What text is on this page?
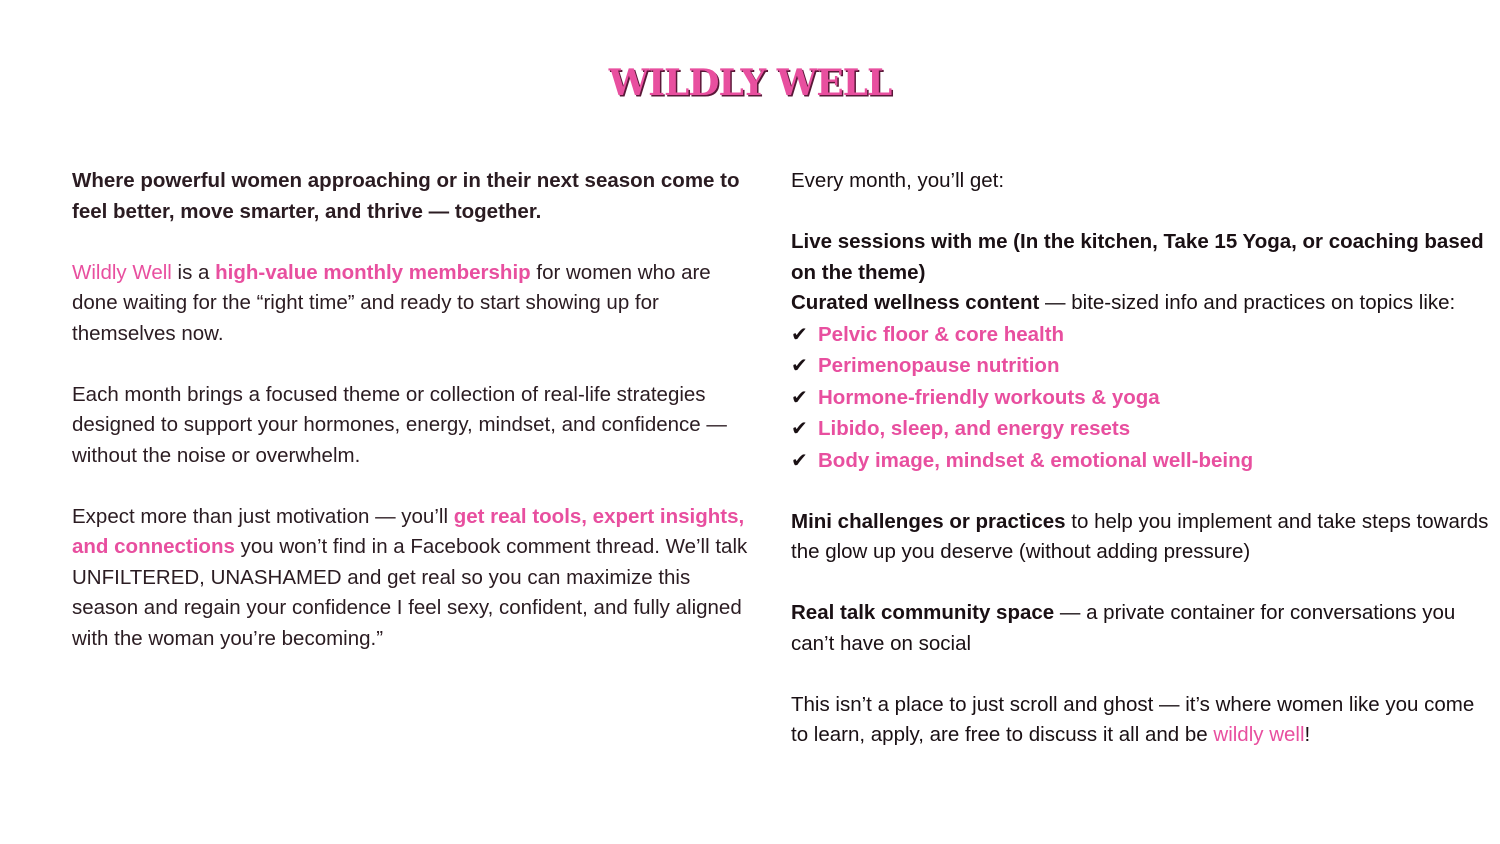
WILDLY WELL

Where powerful women approaching or in their next season come to feel better, move smarter, and thrive — together.

Wildly Well is a high-value monthly membership for women who are done waiting for the “right time” and ready to start showing up for themselves now.

Each month brings a focused theme or collection of real-life strategies designed to support your hormones, energy, mindset, and confidence — without the noise or overwhelm.

Expect more than just motivation — you’ll get real tools, expert insights, and connections you won’t find in a Facebook comment thread. We’ll talk UNFILTERED, UNASHAMED and get real so you can maximize this season and regain your confidence I feel sexy, confident, and fully aligned with the woman you’re becoming.”

Every month, you’ll get:

Live sessions with me (In the kitchen, Take 15 Yoga, or coaching based on the theme)

Curated wellness content — bite-sized info and practices on topics like:

✔ Pelvic floor & core health
✔ Perimenopause nutrition
✔ Hormone-friendly workouts & yoga
✔ Libido, sleep, and energy resets
✔ Body image, mindset & emotional well-being

Mini challenges or practices to help you implement and take steps towards the glow up you deserve (without adding pressure)

Real talk community space — a private container for conversations you can’t have on social

This isn’t a place to just scroll and ghost — it’s where women like you come to learn, apply, are free to discuss it all and be wildly well!
